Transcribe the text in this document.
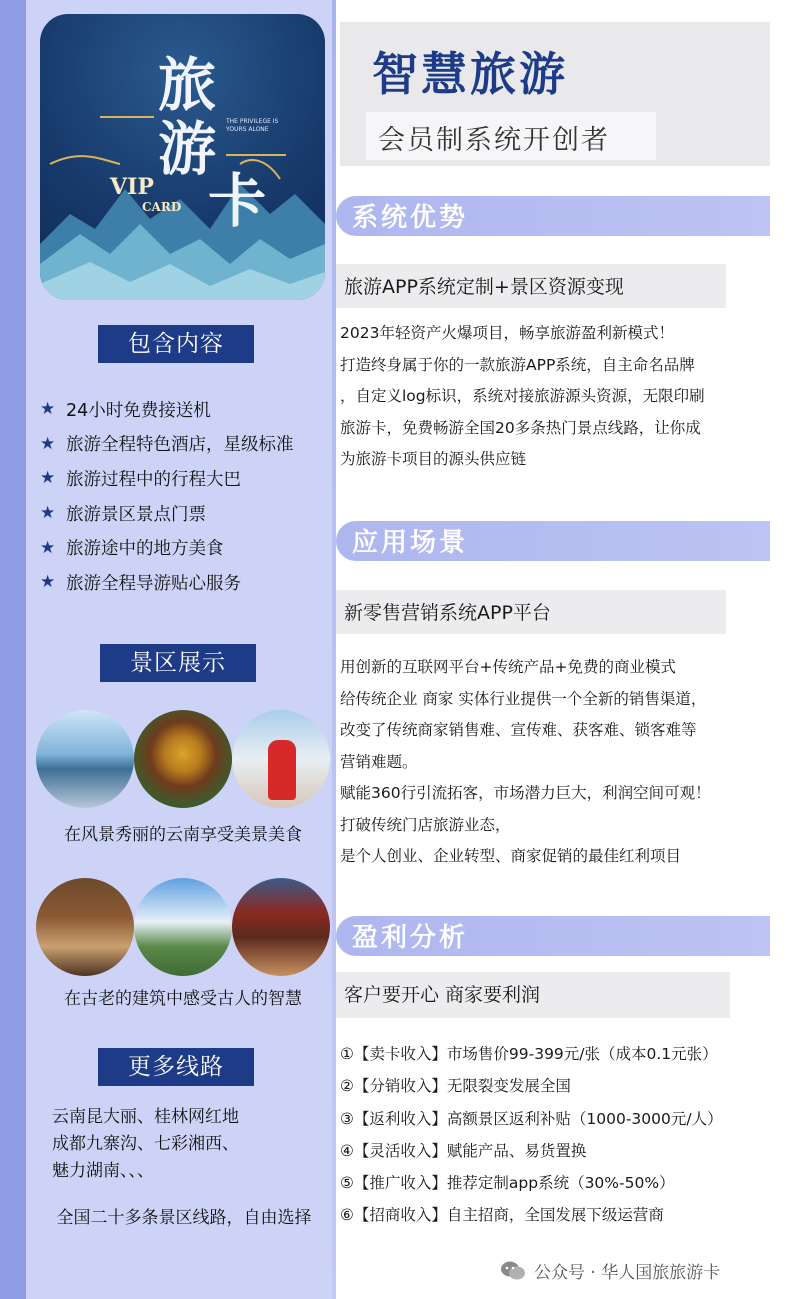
旅
游
卡
VIP
CARD
THE PRIVILEGE IS YOURS ALONE
包含内容
★ 24小时免费接送机
★ 旅游全程特色酒店，星级标准
★ 旅游过程中的行程大巴
★ 旅游景区景点门票
★ 旅游途中的地方美食
★ 旅游全程导游贴心服务
景区展示
在风景秀丽的云南享受美景美食
在古老的建筑中感受古人的智慧
更多线路
云南昆大丽、桂林网红地
成都九寨沟、七彩湘西、
魅力湖南、、、
全国二十多条景区线路，自由选择
智慧旅游
会员制系统开创者
系统优势
旅游APP系统定制+景区资源变现
2023年轻资产火爆项目，畅享旅游盈利新模式！
打造终身属于你的一款旅游APP系统，自主命名品牌
，自定义log标识，系统对接旅游源头资源，无限印刷
旅游卡，免费畅游全国20多条热门景点线路，让你成
为旅游卡项目的源头供应链
应用场景
新零售营销系统APP平台
用创新的互联网平台+传统产品+免费的商业模式
给传统企业 商家 实体行业提供一个全新的销售渠道，
改变了传统商家销售难、宣传难、获客难、锁客难等
营销难题。
赋能360行引流拓客，市场潜力巨大，利润空间可观！
打破传统门店旅游业态，
是个人创业、企业转型、商家促销的最佳红利项目
盈利分析
客户要开心 商家要利润
①【卖卡收入】市场售价99-399元/张（成本0.1元张）
②【分销收入】无限裂变发展全国
③【返利收入】高额景区返利补贴（1000-3000元/人）
④【灵活收入】赋能产品、易货置换
⑤【推广收入】推荐定制app系统（30%-50%）
⑥【招商收入】自主招商，全国发展下级运营商
公众号 · 华人国旅旅游卡
